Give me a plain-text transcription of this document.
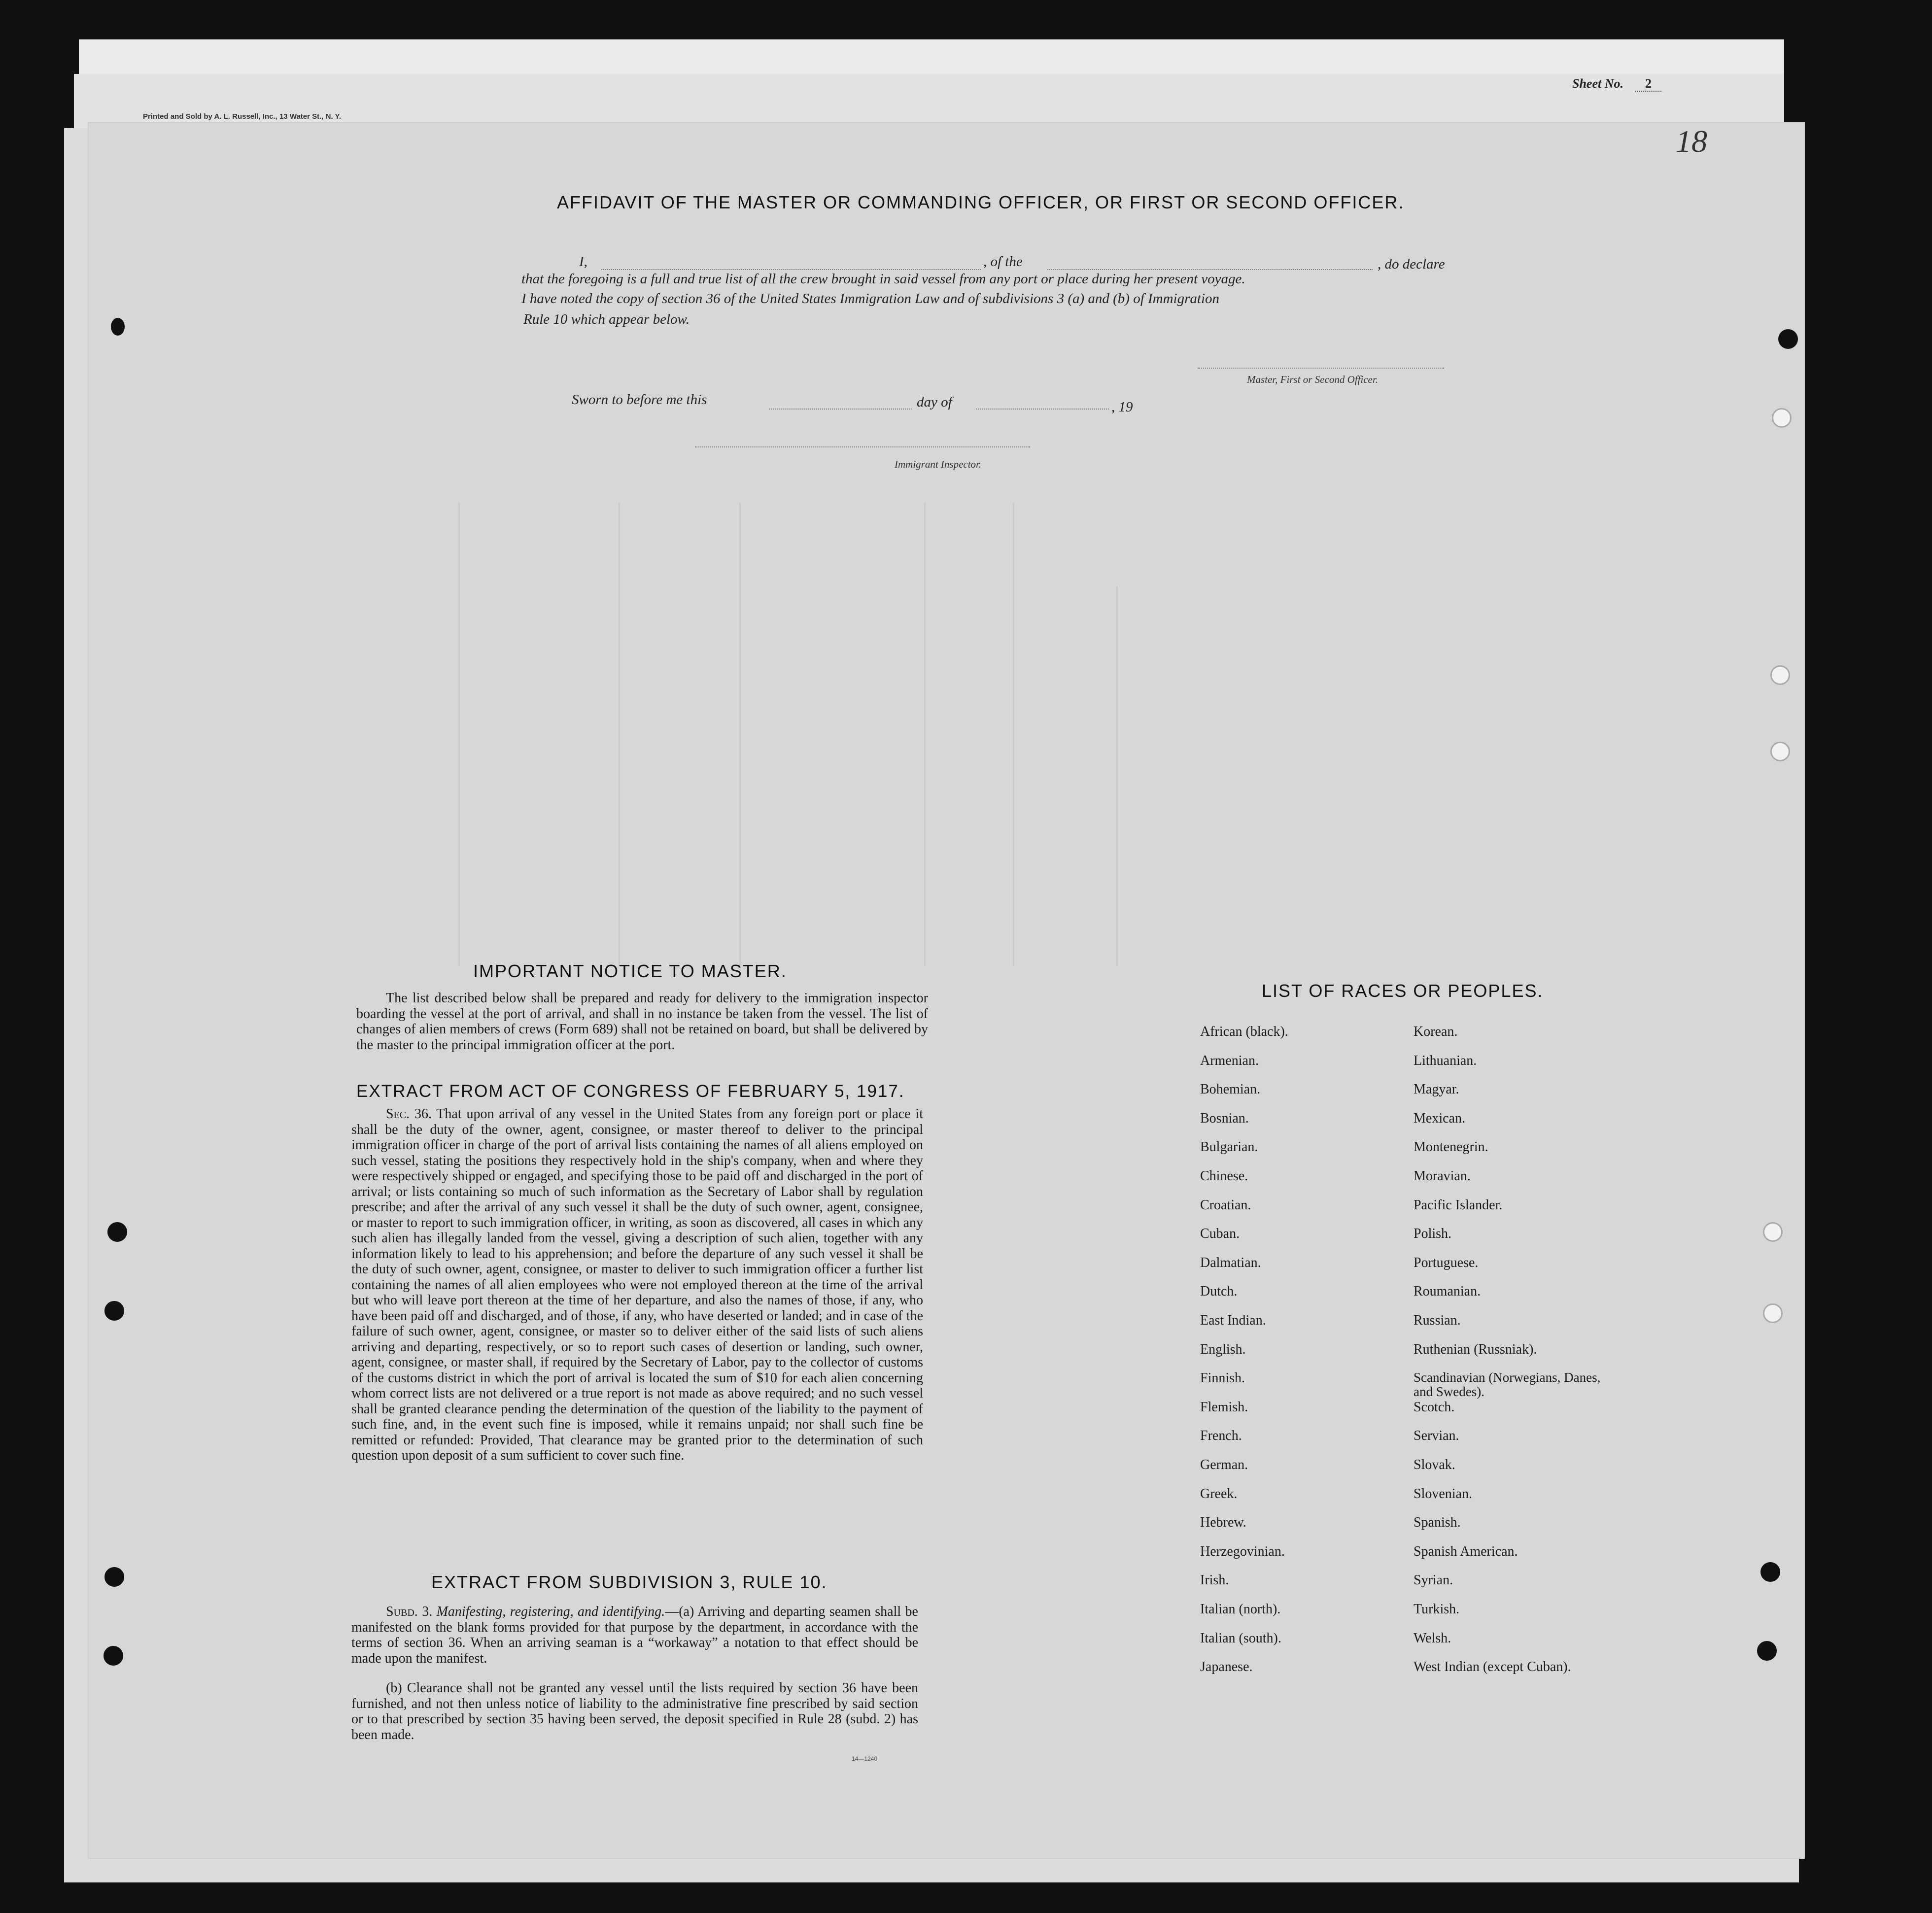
Printed and Sold by A. L. Russell, Inc., 13 Water St., N. Y.
Sheet No. 2
18
AFFIDAVIT OF THE MASTER OR COMMANDING OFFICER, OR FIRST OR SECOND OFFICER.
I,	, of the	, do declare
that the foregoing is a full and true list of all the crew brought in said vessel from any port or place during her present voyage.
I have noted the copy of section 36 of the United States Immigration Law and of subdivisions 3 (a) and (b) of Immigration
Rule 10 which appear below.
Master, First or Second Officer.
Sworn to before me this	day of	, 19
Immigrant Inspector.
IMPORTANT NOTICE TO MASTER.
The list described below shall be prepared and ready for delivery to the immigration inspector boarding the vessel at the port of arrival, and shall in no instance be taken from the vessel. The list of changes of alien members of crews (Form 689) shall not be retained on board, but shall be delivered by the master to the principal immigration officer at the port.
EXTRACT FROM ACT OF CONGRESS OF FEBRUARY 5, 1917.
Sec. 36. That upon arrival of any vessel in the United States from any foreign port or place it shall be the duty of the owner, agent, consignee, or master thereof to deliver to the principal immigration officer in charge of the port of arrival lists containing the names of all aliens employed on such vessel, stating the positions they respectively hold in the ship's company, when and where they were respectively shipped or engaged, and specifying those to be paid off and discharged in the port of arrival; or lists containing so much of such information as the Secretary of Labor shall by regulation prescribe; and after the arrival of any such vessel it shall be the duty of such owner, agent, consignee, or master to report to such immigration officer, in writing, as soon as discovered, all cases in which any such alien has illegally landed from the vessel, giving a description of such alien, together with any information likely to lead to his apprehension; and before the departure of any such vessel it shall be the duty of such owner, agent, consignee, or master to deliver to such immigration officer a further list containing the names of all alien employees who were not employed thereon at the time of the arrival but who will leave port thereon at the time of her departure, and also the names of those, if any, who have been paid off and discharged, and of those, if any, who have deserted or landed; and in case of the failure of such owner, agent, consignee, or master so to deliver either of the said lists of such aliens arriving and departing, respectively, or so to report such cases of desertion or landing, such owner, agent, consignee, or master shall, if required by the Secretary of Labor, pay to the collector of customs of the customs district in which the port of arrival is located the sum of $10 for each alien concerning whom correct lists are not delivered or a true report is not made as above required; and no such vessel shall be granted clearance pending the determination of the question of the liability to the payment of such fine, and, in the event such fine is imposed, while it remains unpaid; nor shall such fine be remitted or refunded: Provided, That clearance may be granted prior to the determination of such question upon deposit of a sum sufficient to cover such fine.
EXTRACT FROM SUBDIVISION 3, RULE 10.
Subd. 3. Manifesting, registering, and identifying.—(a) Arriving and departing seamen shall be manifested on the blank forms provided for that purpose by the department, in accordance with the terms of section 36. When an arriving seaman is a “workaway” a notation to that effect should be made upon the manifest.
(b) Clearance shall not be granted any vessel until the lists required by section 36 have been furnished, and not then unless notice of liability to the administrative fine prescribed by said section or to that prescribed by section 35 having been served, the deposit specified in Rule 28 (subd. 2) has been made.
14—1240
LIST OF RACES OR PEOPLES.
African (black).
Armenian.
Bohemian.
Bosnian.
Bulgarian.
Chinese.
Croatian.
Cuban.
Dalmatian.
Dutch.
East Indian.
English.
Finnish.
Flemish.
French.
German.
Greek.
Hebrew.
Herzegovinian.
Irish.
Italian (north).
Italian (south).
Japanese.
Korean.
Lithuanian.
Magyar.
Mexican.
Montenegrin.
Moravian.
Pacific Islander.
Polish.
Portuguese.
Roumanian.
Russian.
Ruthenian (Russniak).
Scandinavian (Norwegians, Danes, and Swedes).
Scotch.
Servian.
Slovak.
Slovenian.
Spanish.
Spanish American.
Syrian.
Turkish.
Welsh.
West Indian (except Cuban).
